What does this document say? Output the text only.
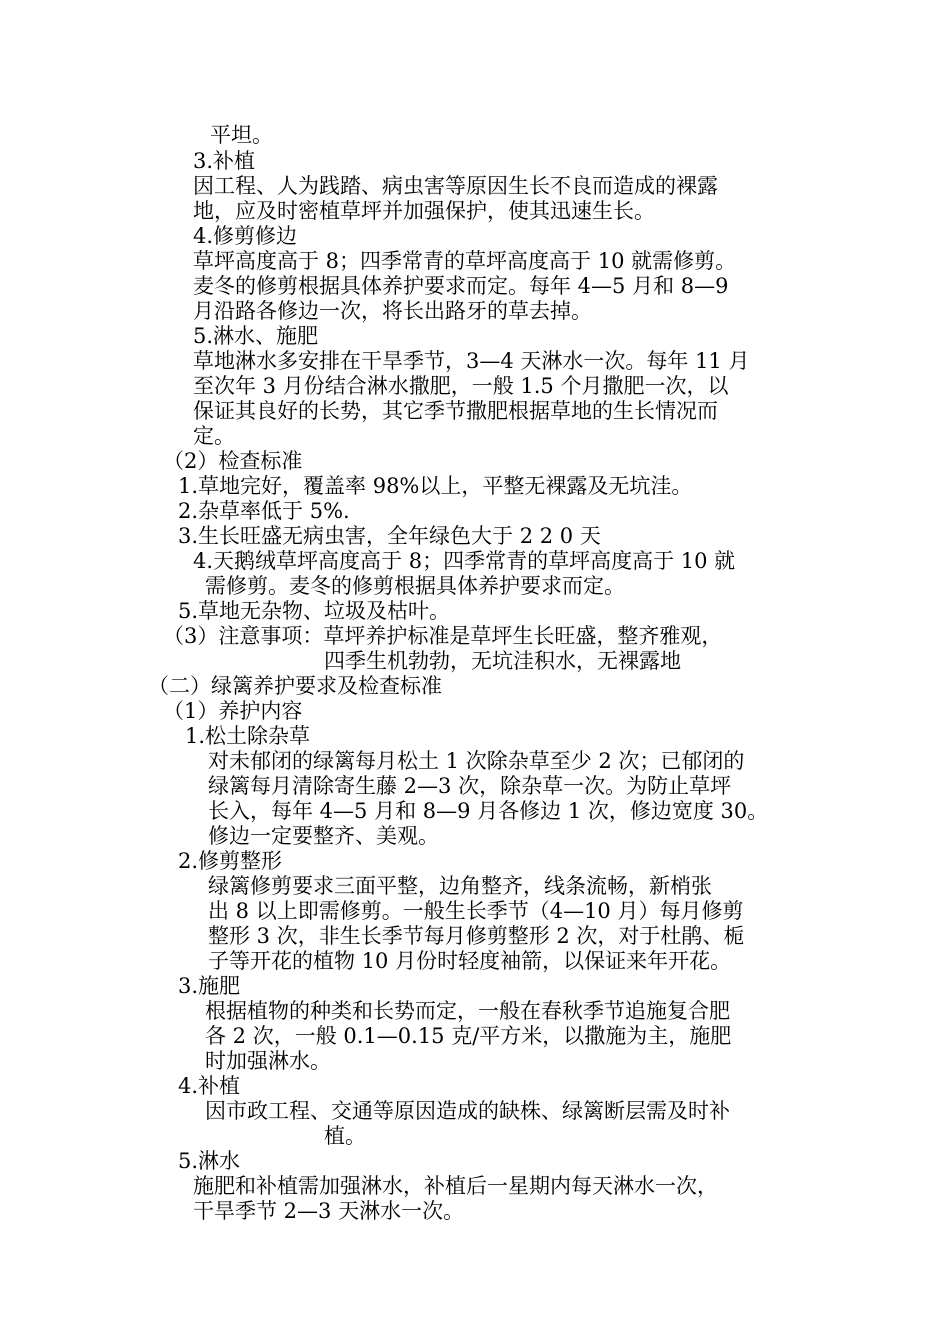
平坦。
3.补植
因工程、人为践踏、病虫害等原因生长不良而造成的裸露
地，应及时密植草坪并加强保护，使其迅速生长。
4.修剪修边
草坪高度高于 8；四季常青的草坪高度高于 10 就需修剪。
麦冬的修剪根据具体养护要求而定。每年 4—5 月和 8—9
月沿路各修边一次，将长出路牙的草去掉。
5.淋水、施肥
草地淋水多安排在干旱季节，3—4 天淋水一次。每年 11 月
至次年 3 月份结合淋水撒肥，一般 1.5 个月撒肥一次，以
保证其良好的长势，其它季节撒肥根据草地的生长情况而
定。
（2）检查标准
1.草地完好，覆盖率 98%以上，平整无裸露及无坑洼。
2.杂草率低于 5%.
3.生长旺盛无病虫害，全年绿色大于 2 2 0 天
4.天鹅绒草坪高度高于 8；四季常青的草坪高度高于 10 就
需修剪。麦冬的修剪根据具体养护要求而定。
5.草地无杂物、垃圾及枯叶。
（3）注意事项：草坪养护标准是草坪生长旺盛，整齐雅观，
四季生机勃勃，无坑洼积水，无裸露地
（二）绿篱养护要求及检查标准
（1）养护内容
1.松土除杂草
对未郁闭的绿篱每月松土 1 次除杂草至少 2 次；已郁闭的
绿篱每月清除寄生藤 2—3 次，除杂草一次。为防止草坪
长入，每年 4—5 月和 8—9 月各修边 1 次，修边宽度 30。
修边一定要整齐、美观。
2.修剪整形
绿篱修剪要求三面平整，边角整齐，线条流畅，新梢张
出 8 以上即需修剪。一般生长季节（4—10 月）每月修剪
整形 3 次，非生长季节每月修剪整形 2 次，对于杜鹃、栀
子等开花的植物 10 月份时轻度袖箭，以保证来年开花。
3.施肥
根据植物的种类和长势而定，一般在春秋季节追施复合肥
各 2 次，一般 0.1—0.15 克/平方米，以撒施为主，施肥
时加强淋水。
4.补植
因市政工程、交通等原因造成的缺株、绿篱断层需及时补
植。
5.淋水
施肥和补植需加强淋水，补植后一星期内每天淋水一次，
干旱季节 2—3 天淋水一次。
